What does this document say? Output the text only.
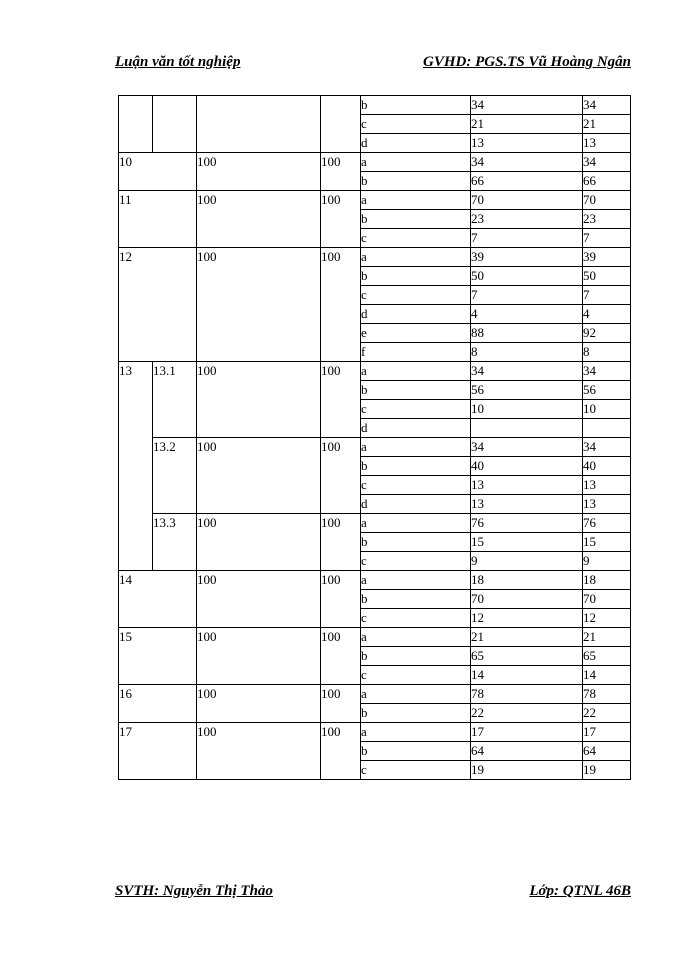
Luận văn tốt nghiệp	GVHD: PGS.TS Vũ Hoàng Ngân
				b	34	34
				c	21	21
				d	13	13
10		100	100	a	34	34
				b	66	66
11		100	100	a	70	70
				b	23	23
				c	7	7
12		100	100	a	39	39
				b	50	50
				c	7	7
				d	4	4
				e	88	92
				f	8	8
13	13.1	100	100	a	34	34
				b	56	56
				c	10	10
				d		
	13.2	100	100	a	34	34
				b	40	40
				c	13	13
				d	13	13
	13.3	100	100	a	76	76
				b	15	15
				c	9	9
14		100	100	a	18	18
				b	70	70
				c	12	12
15		100	100	a	21	21
				b	65	65
				c	14	14
16		100	100	a	78	78
				b	22	22
17		100	100	a	17	17
				b	64	64
				c	19	19
SVTH: Nguyễn Thị Thảo	Lớp: QTNL 46B
